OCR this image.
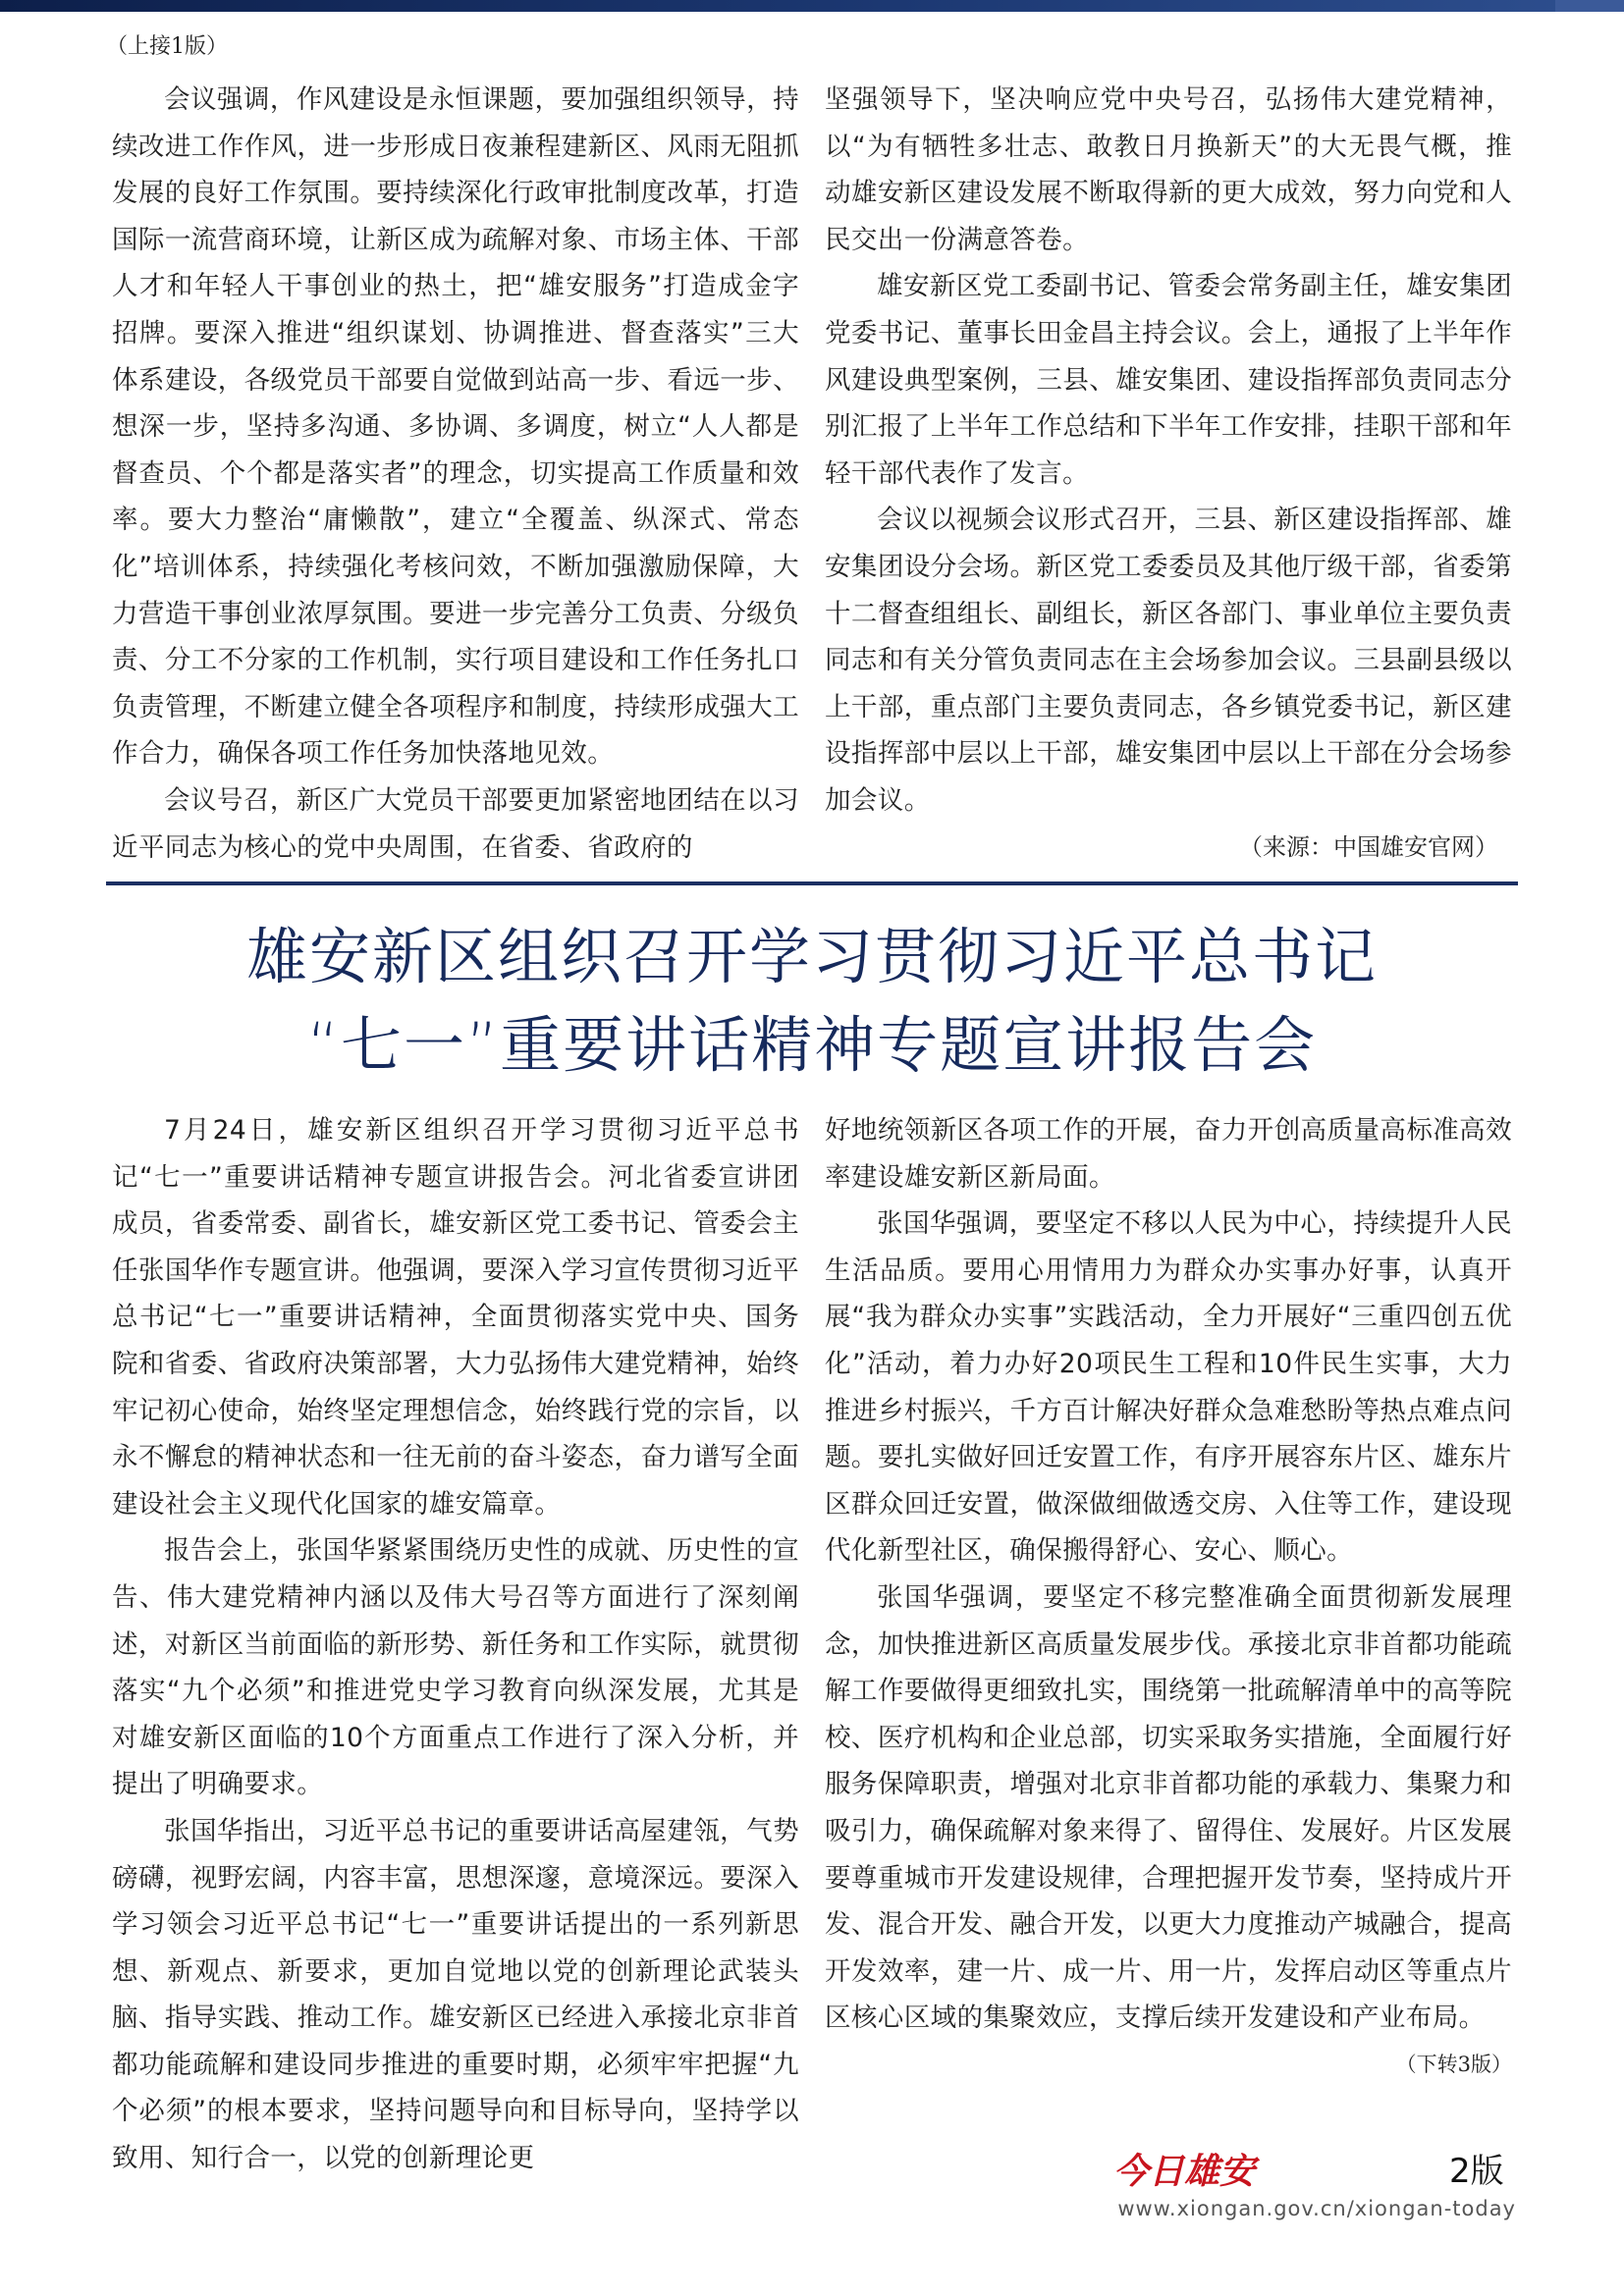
（上接1版）

会议强调，作风建设是永恒课题，要加强组织领导，持续改进工作作风，进一步形成日夜兼程建新区、风雨无阻抓发展的良好工作氛围。要持续深化行政审批制度改革，打造国际一流营商环境，让新区成为疏解对象、市场主体、干部人才和年轻人干事创业的热土，把“雄安服务”打造成金字招牌。要深入推进“组织谋划、协调推进、督查落实”三大体系建设，各级党员干部要自觉做到站高一步、看远一步、想深一步，坚持多沟通、多协调、多调度，树立“人人都是督查员、个个都是落实者”的理念，切实提高工作质量和效率。要大力整治“庸懒散”，建立“全覆盖、纵深式、常态化”培训体系，持续强化考核问效，不断加强激励保障，大力营造干事创业浓厚氛围。要进一步完善分工负责、分级负责、分工不分家的工作机制，实行项目建设和工作任务扎口负责管理，不断建立健全各项程序和制度，持续形成强大工作合力，确保各项工作任务加快落地见效。

会议号召，新区广大党员干部要更加紧密地团结在以习近平同志为核心的党中央周围，在省委、省政府的

坚强领导下，坚决响应党中央号召，弘扬伟大建党精神，以“为有牺牲多壮志、敢教日月换新天”的大无畏气概，推动雄安新区建设发展不断取得新的更大成效，努力向党和人民交出一份满意答卷。

雄安新区党工委副书记、管委会常务副主任，雄安集团党委书记、董事长田金昌主持会议。会上，通报了上半年作风建设典型案例，三县、雄安集团、建设指挥部负责同志分别汇报了上半年工作总结和下半年工作安排，挂职干部和年轻干部代表作了发言。

会议以视频会议形式召开，三县、新区建设指挥部、雄安集团设分会场。新区党工委委员及其他厅级干部，省委第十二督查组组长、副组长，新区各部门、事业单位主要负责同志和有关分管负责同志在主会场参加会议。三县副县级以上干部，重点部门主要负责同志，各乡镇党委书记，新区建设指挥部中层以上干部，雄安集团中层以上干部在分会场参加会议。

（来源：中国雄安官网）
雄安新区组织召开学习贯彻习近平总书记
“七一”重要讲话精神专题宣讲报告会

7月24日，雄安新区组织召开学习贯彻习近平总书记“七一”重要讲话精神专题宣讲报告会。河北省委宣讲团成员，省委常委、副省长，雄安新区党工委书记、管委会主任张国华作专题宣讲。他强调，要深入学习宣传贯彻习近平总书记“七一”重要讲话精神，全面贯彻落实党中央、国务院和省委、省政府决策部署，大力弘扬伟大建党精神，始终牢记初心使命，始终坚定理想信念，始终践行党的宗旨，以永不懈怠的精神状态和一往无前的奋斗姿态，奋力谱写全面建设社会主义现代化国家的雄安篇章。

报告会上，张国华紧紧围绕历史性的成就、历史性的宣告、伟大建党精神内涵以及伟大号召等方面进行了深刻阐述，对新区当前面临的新形势、新任务和工作实际，就贯彻落实“九个必须”和推进党史学习教育向纵深发展，尤其是对雄安新区面临的10个方面重点工作进行了深入分析，并提出了明确要求。

张国华指出，习近平总书记的重要讲话高屋建瓴，气势磅礴，视野宏阔，内容丰富，思想深邃，意境深远。要深入学习领会习近平总书记“七一”重要讲话提出的一系列新思想、新观点、新要求，更加自觉地以党的创新理论武装头脑、指导实践、推动工作。雄安新区已经进入承接北京非首都功能疏解和建设同步推进的重要时期，必须牢牢把握“九个必须”的根本要求，坚持问题导向和目标导向，坚持学以致用、知行合一，以党的创新理论更

好地统领新区各项工作的开展，奋力开创高质量高标准高效率建设雄安新区新局面。

张国华强调，要坚定不移以人民为中心，持续提升人民生活品质。要用心用情用力为群众办实事办好事，认真开展“我为群众办实事”实践活动，全力开展好“三重四创五优化”活动，着力办好20项民生工程和10件民生实事，大力推进乡村振兴，千方百计解决好群众急难愁盼等热点难点问题。要扎实做好回迁安置工作，有序开展容东片区、雄东片区群众回迁安置，做深做细做透交房、入住等工作，建设现代化新型社区，确保搬得舒心、安心、顺心。

张国华强调，要坚定不移完整准确全面贯彻新发展理念，加快推进新区高质量发展步伐。承接北京非首都功能疏解工作要做得更细致扎实，围绕第一批疏解清单中的高等院校、医疗机构和企业总部，切实采取务实措施，全面履行好服务保障职责，增强对北京非首都功能的承载力、集聚力和吸引力，确保疏解对象来得了、留得住、发展好。片区发展要尊重城市开发建设规律，合理把握开发节奏，坚持成片开发、混合开发、融合开发，以更大力度推动产城融合，提高开发效率，建一片、成一片、用一片，发挥启动区等重点片区核心区域的集聚效应，支撑后续开发建设和产业布局。

（下转3版）
今日雄安	2版
www.xiongan.gov.cn/xiongan-today
